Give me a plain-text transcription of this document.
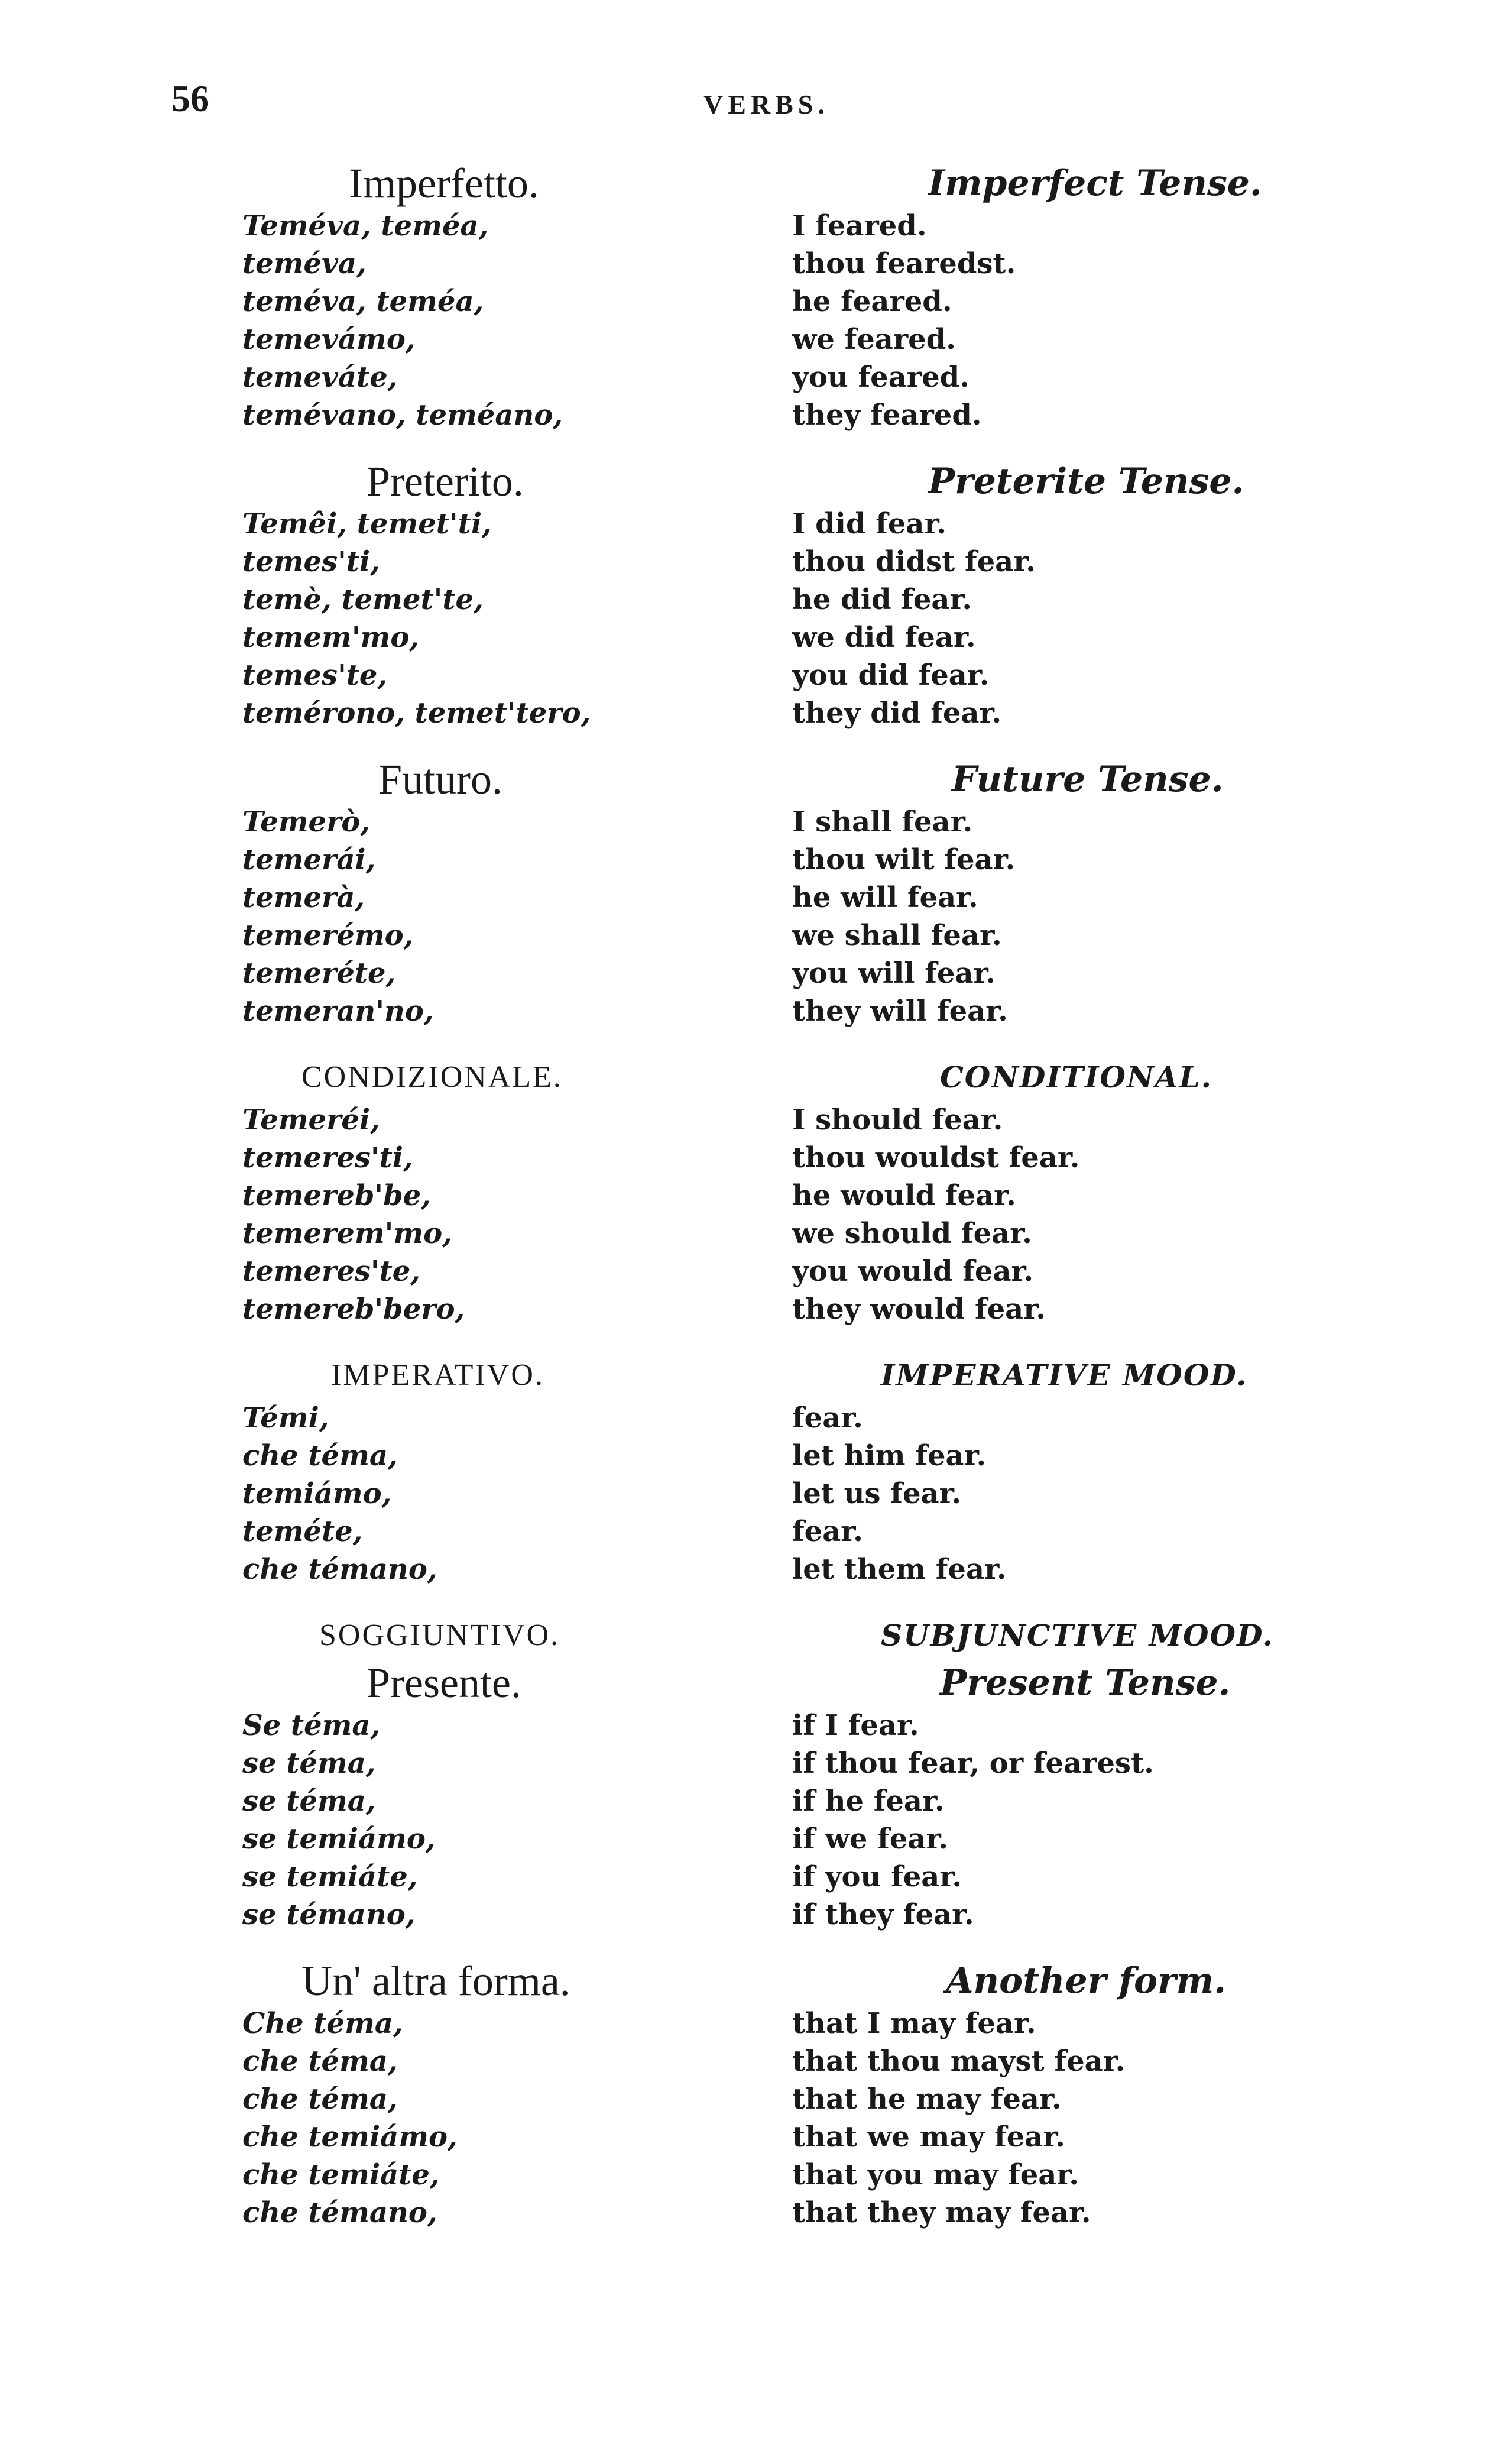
56	VERBS.
Imperfetto.
Teméva, teméa,
teméva,
teméva, teméa,
temevámo,
temeváte,
temévano, teméano,
Preterito.
Temêi, temet'ti,
temes'ti,
temè, temet'te,
temem'mo,
temes'te,
temérono, temet'tero,
Futuro.
Temerò,
temerái,
temerà,
temerémo,
temeréte,
temeran'no,
CONDIZIONALE.
Temeréi,
temeres'ti,
temereb'be,
temerem'mo,
temeres'te,
temereb'bero,
IMPERATIVO.
Témi,
che téma,
temiámo,
teméte,
che témano,
SOGGIUNTIVO.
Presente.
Se téma,
se téma,
se téma,
se temiámo,
se temiáte,
se témano,
Un' altra forma.
Che téma,
che téma,
che téma,
che temiámo,
che temiáte,
che témano,
Imperfect Tense.
I feared.
thou fearedst.
he feared.
we feared.
you feared.
they feared.
Preterite Tense.
I did fear.
thou didst fear.
he did fear.
we did fear.
you did fear.
they did fear.
Future Tense.
I shall fear.
thou wilt fear.
he will fear.
we shall fear.
you will fear.
they will fear.
CONDITIONAL.
I should fear.
thou wouldst fear.
he would fear.
we should fear.
you would fear.
they would fear.
IMPERATIVE MOOD.
fear.
let him fear.
let us fear.
fear.
let them fear.
SUBJUNCTIVE MOOD.
Present Tense.
if I fear.
if thou fear, or fearest.
if he fear.
if we fear.
if you fear.
if they fear.
Another form.
that I may fear.
that thou mayst fear.
that he may fear.
that we may fear.
that you may fear.
that they may fear.
